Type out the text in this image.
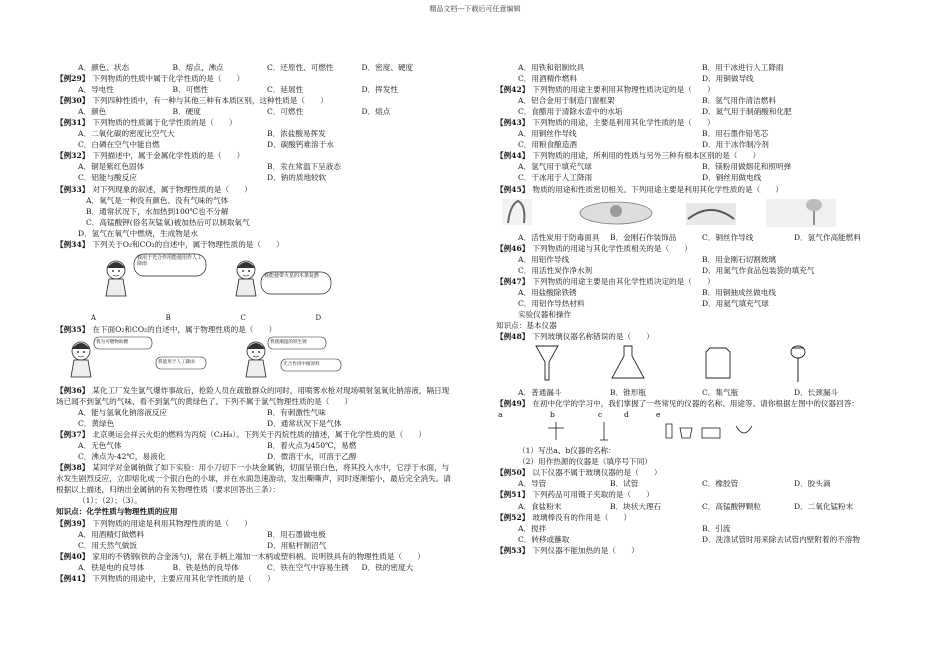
精品文档---下载后可任意编辑
A．颜色、状态	B．熔点、沸点	C．还原性、可燃性	D．密度、硬度
【例29】 下列物质的性质中属于化学性质的是（　　）
A．导电性	B．可燃性	C．延展性	D．挥发性
【例30】 下列四种性质中，有一种与其他三种有本质区别，这种性质是（　　）
A．颜色	B．硬度	C．可燃性	D．熔点
【例31】 下列物质的性质属于化学性质的是（　　）
A．二氧化碳的密度比空气大	B．浓盐酸易挥发
C．白磷在空气中能自燃	D．碳酸钙难溶于水
【例32】 下列描述中，属于金属化学性质的是（　　）
A．铜是紫红色固体	B．汞在常温下呈液态
C．铝能与酸反应	D．钠的质地较软
【例33】 对下列现象的叙述，属于物理性质的是（　　）
A．氧气是一种没有颜色、没有气味的气体
B．通常状况下，水加热到100℃也不分解
C．高锰酸钾(俗名灰锰氧)被加热后可以制取氧气
D．氢气在氧气中燃烧，生成物是水
【例34】 下列关于O₂和CO₂的自述中，属于物理性质的是（　　）
A	B	C	D
【例35】 在下面O₂和CO₂的自述中，属于物理性质的是（　　）
【例36】 某化工厂发生氯气爆炸事故后，抢险人员在疏散群众的同时，用喷雾水枪对现场喷射氢氧化钠溶液，隔日现场已闻不到氯气的气味、看不到氯气的黄绿色了。下列不属于氯气物理性质的是（　　）
A．能与氢氧化钠溶液反应	B．有刺激性气味
C．黄绿色	D．通常状况下是气体
【例37】 北京奥运会祥云火炬的燃料为丙烷（C₃H₈）。下列关于丙烷性质的描述，属于化学性质的是（　　）
A．无色气体	B．着火点为450℃，易燃
C．沸点为-42℃，易液化	D．微溶于水，可溶于乙醇
【例38】 某同学对金属钠做了如下实验：用小刀切下一小块金属钠，切面呈银白色，将其投入水中，它浮于水面，与水发生剧烈反应，立即熔化成一个银白色的小球，并在水面急速游动，发出嘶嘶声，同时逐渐缩小，最后完全消失。请根据以上描述，归纳出金属钠的有关物理性质（要求回答出三条）：
（1）；（2）；（3）。
知识点：化学性质与物理性质的应用
【例39】 下列物质的用途是利用其物理性质的是（　　）
A．用酒精灯做燃料	B．用石墨做电极
C．用天然气做饭	D．用粘杆制沼气
【例40】 家用的不锈钢(铁的合金汤勺)，常在手柄上端加一木柄或塑料柄。说明铁具有的物理性质是（　　）
A．铁是电的良导体	B．铁是热的良导体	C．铁在空气中容易生锈	D．铁的密度大
【例41】 下列物质的用途中，主要应用其化学性质的是（　　）
A．用铁和铝制炊具	B．用干冰进行人工降雨
C．用酒精作燃料	D．用铜做导线
【例42】 下列物质的用途主要利用其物理性质决定的是（　　）
A．铝合金用于制造门窗框架	B．氢气用作清洁燃料
C．食醋用于清除水壶中的水垢	D．氮气用于制硝酸和化肥
【例43】 下列物质的用途，主要是利用其化学性质的是（　　）
A．用铜丝作导线	B．用石墨作铅笔芯
C．用粮食酿造酒	D．用干冰作制冷剂
【例44】 下列物质的用途，所利用的性质与另外三种有根本区别的是（　　）
A．氢气用于填充气球	B．镁粉用做烟花和照明弹
C．干冰用于人工降雨	D．铜丝用做电线
【例45】 物质的用途和性质密切相关。下列用途主要是利用其化学性质的是（　　）
A．活性炭用于防毒面具	B．金刚石作装饰品	C．铜丝作导线	D．氢气作高能燃料
【例46】 下列物质的用途与其化学性质相关的是（　　）
A．用铝作导线	B．用金刚石切割玻璃
C．用活性炭作净水剂	D．用氮气作食品包装袋的填充气
【例47】 下列物质的用途主要是由其化学性质决定的是（　　）
A．用盐酸除铁锈	B．用铜抽成丝做电线
C．用铝作导热材料	D．用氦气填充气球
实验仪器和操作
知识点：基本仪器
【例48】 下列玻璃仪器名称错误的是（　　）
A．普通漏斗	B．锥形瓶	C．集气瓶	D．长颈漏斗
【例49】 在初中化学的学习中，我们掌握了一些常见的仪器的名称、用途等。请你根据左图中的仪器回答：
a	b	c	d	e
（1）写出a、b仪器的名称：
（2）用作热源的仪器是（填序号下同）
【例50】 以下仪器不属于玻璃仪器的是（　　）
A．导管	B．试管	C．橡胶管	D．胶头滴
【例51】 下列药品可用镊子夹取的是（　　）
A．食盐粉末	B．块状大理石	C．高锰酸钾颗粒	D．二氧化锰粉末
【例52】 玻璃棒没有的作用是（　　）
A．搅拌	B．引流
C．转移或蘸取	D．洗涤试管时用来除去试管内壁附着的不溶物
【例53】 下列仪器不能加热的是（　　）
